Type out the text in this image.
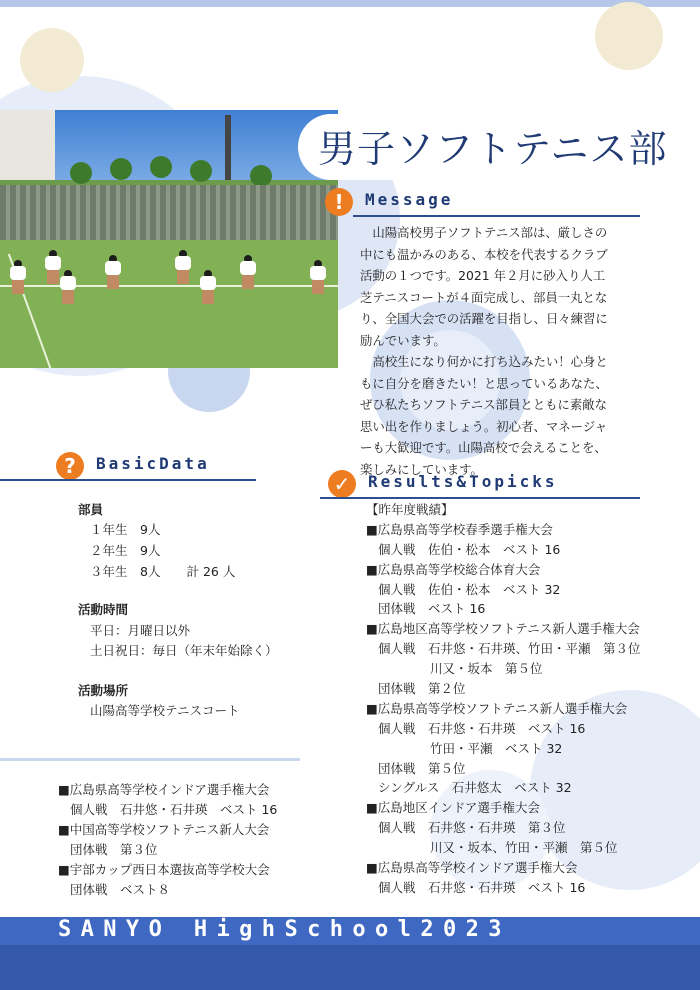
男子ソフトテニス部
!	Message

山陽高校男子ソフトテニス部は、厳しさの中にも温かみのある、本校を代表するクラブ活動の１つです。2021 年２月に砂入り人工芝テニスコートが４面完成し、部員一丸となり、全国大会での活躍を目指し、日々練習に励んでいます。

高校生になり何かに打ち込みたい！心身ともに自分を磨きたい！と思っているあなた、ぜひ私たちソフトテニス部員とともに素敵な思い出を作りましょう。初心者、マネージャーも大歓迎です。山陽高校で会えることを、楽しみにしています。

?	BasicData
部員
１年生　 9人
２年生　 9人
３年生　 8人 計 26 人
活動時間
平日：月曜日以外
土日祝日：毎日（年末年始除く）
活動場所
山陽高等学校テニスコート
■広島県高等学校インドア選手権大会
個人戦　石井悠・石井瑛　ベスト 16
■中国高等学校ソフトテニス新人大会
団体戦　第３位
■宇部カップ西日本選抜高等学校大会
団体戦　ベスト８
✓	Results&Topicks
【昨年度戦績】
■広島県高等学校春季選手権大会
個人戦　佐伯・松本　ベスト 16
■広島県高等学校総合体育大会
個人戦　佐伯・松本　ベスト 32
団体戦　ベスト 16
■広島地区高等学校ソフトテニス新人選手権大会
個人戦　石井悠・石井瑛、竹田・平瀬　第３位
川又・坂本　第５位
団体戦　第２位
■広島県高等学校ソフトテニス新人選手権大会
個人戦　石井悠・石井瑛　ベスト 16
竹田・平瀬　ベスト 32
団体戦　第５位
シングルス　石井悠太　ベスト 32
■広島地区インドア選手権大会
個人戦　石井悠・石井瑛　第３位
川又・坂本、竹田・平瀬　第５位
■広島県高等学校インドア選手権大会
個人戦　石井悠・石井瑛　ベスト 16
SANYO HighSchool2023
